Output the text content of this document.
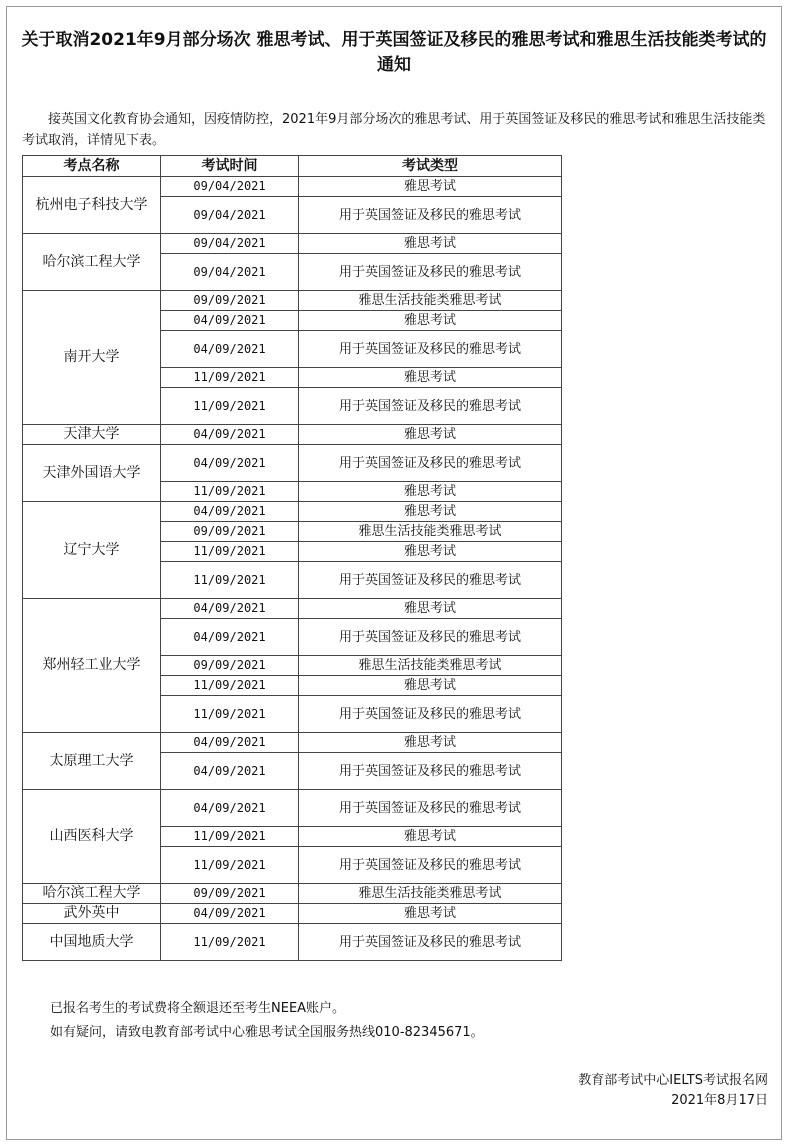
关于取消2021年9月部分场次 雅思考试、用于英国签证及移民的雅思考试和雅思生活技能类考试的通知
接英国文化教育协会通知，因疫情防控，2021年9月部分场次的雅思考试、用于英国签证及移民的雅思考试和雅思生活技能类考试取消，详情见下表。
考点名称	考试时间	考试类型
杭州电子科技大学	09/04/2021	雅思考试
	09/04/2021	用于英国签证及移民的雅思考试
哈尔滨工程大学	09/04/2021	雅思考试
	09/04/2021	用于英国签证及移民的雅思考试
南开大学	09/09/2021	雅思生活技能类雅思考试
	04/09/2021	雅思考试
	04/09/2021	用于英国签证及移民的雅思考试
	11/09/2021	雅思考试
	11/09/2021	用于英国签证及移民的雅思考试
天津大学	04/09/2021	雅思考试
天津外国语大学	04/09/2021	用于英国签证及移民的雅思考试
	11/09/2021	雅思考试
辽宁大学	04/09/2021	雅思考试
	09/09/2021	雅思生活技能类雅思考试
	11/09/2021	雅思考试
	11/09/2021	用于英国签证及移民的雅思考试
郑州轻工业大学	04/09/2021	雅思考试
	04/09/2021	用于英国签证及移民的雅思考试
	09/09/2021	雅思生活技能类雅思考试
	11/09/2021	雅思考试
	11/09/2021	用于英国签证及移民的雅思考试
太原理工大学	04/09/2021	雅思考试
	04/09/2021	用于英国签证及移民的雅思考试
山西医科大学	04/09/2021	用于英国签证及移民的雅思考试
	11/09/2021	雅思考试
	11/09/2021	用于英国签证及移民的雅思考试
哈尔滨工程大学	09/09/2021	雅思生活技能类雅思考试
武外英中	04/09/2021	雅思考试
中国地质大学	11/09/2021	用于英国签证及移民的雅思考试
已报名考生的考试费将全额退还至考生NEEA账户。
如有疑问，请致电教育部考试中心雅思考试全国服务热线010-82345671。
教育部考试中心IELTS考试报名网
2021年8月17日
